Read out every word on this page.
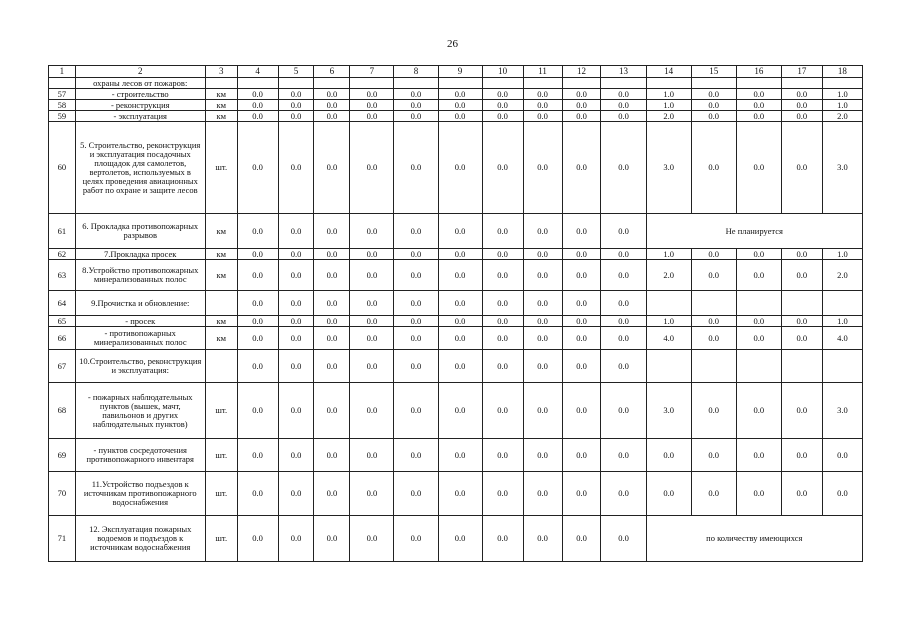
26
1	2	3	4	5	6	7	8	9	10	11	12	13	14	15	16	17	18
	охраны лесов от пожаров:																
57	- строительство	км	0.0	0.0	0.0	0.0	0.0	0.0	0.0	0.0	0.0	0.0	1.0	0.0	0.0	0.0	1.0
58	- реконструкция	км	0.0	0.0	0.0	0.0	0.0	0.0	0.0	0.0	0.0	0.0	1.0	0.0	0.0	0.0	1.0
59	- эксплуатация	км	0.0	0.0	0.0	0.0	0.0	0.0	0.0	0.0	0.0	0.0	2.0	0.0	0.0	0.0	2.0
60	5. Строительство, реконструкция и эксплуатация посадочных площадок для самолетов, вертолетов, используемых в целях проведения авиационных работ по охране и защите лесов	шт.	0.0	0.0	0.0	0.0	0.0	0.0	0.0	0.0	0.0	0.0	3.0	0.0	0.0	0.0	3.0
61	6. Прокладка противопожарных разрывов	км	0.0	0.0	0.0	0.0	0.0	0.0	0.0	0.0	0.0	0.0	Не планируется				
62	7.Прокладка просек	км	0.0	0.0	0.0	0.0	0.0	0.0	0.0	0.0	0.0	0.0	1.0	0.0	0.0	0.0	1.0
63	8.Устройство противопожарных минерализованных полос	км	0.0	0.0	0.0	0.0	0.0	0.0	0.0	0.0	0.0	0.0	2.0	0.0	0.0	0.0	2.0
64	9.Прочистка и обновление:		0.0	0.0	0.0	0.0	0.0	0.0	0.0	0.0	0.0	0.0					
65	- просек	км	0.0	0.0	0.0	0.0	0.0	0.0	0.0	0.0	0.0	0.0	1.0	0.0	0.0	0.0	1.0
66	- противопожарных минерализованных полос	км	0.0	0.0	0.0	0.0	0.0	0.0	0.0	0.0	0.0	0.0	4.0	0.0	0.0	0.0	4.0
67	10.Строительство, реконструкция и эксплуатация:		0.0	0.0	0.0	0.0	0.0	0.0	0.0	0.0	0.0	0.0					
68	- пожарных наблюдательных пунктов (вышек, мачт, павильонов и других наблюдательных пунктов)	шт.	0.0	0.0	0.0	0.0	0.0	0.0	0.0	0.0	0.0	0.0	3.0	0.0	0.0	0.0	3.0
69	- пунктов сосредоточения противопожарного инвентаря	шт.	0.0	0.0	0.0	0.0	0.0	0.0	0.0	0.0	0.0	0.0	0.0	0.0	0.0	0.0	0.0
70	11.Устройство подъездов к источникам противопожарного водоснабжения	шт.	0.0	0.0	0.0	0.0	0.0	0.0	0.0	0.0	0.0	0.0	0.0	0.0	0.0	0.0	0.0
71	12. Эксплуатация пожарных водоемов и подъездов к источникам водоснабжения	шт.	0.0	0.0	0.0	0.0	0.0	0.0	0.0	0.0	0.0	0.0	по количеству имеющихся				
